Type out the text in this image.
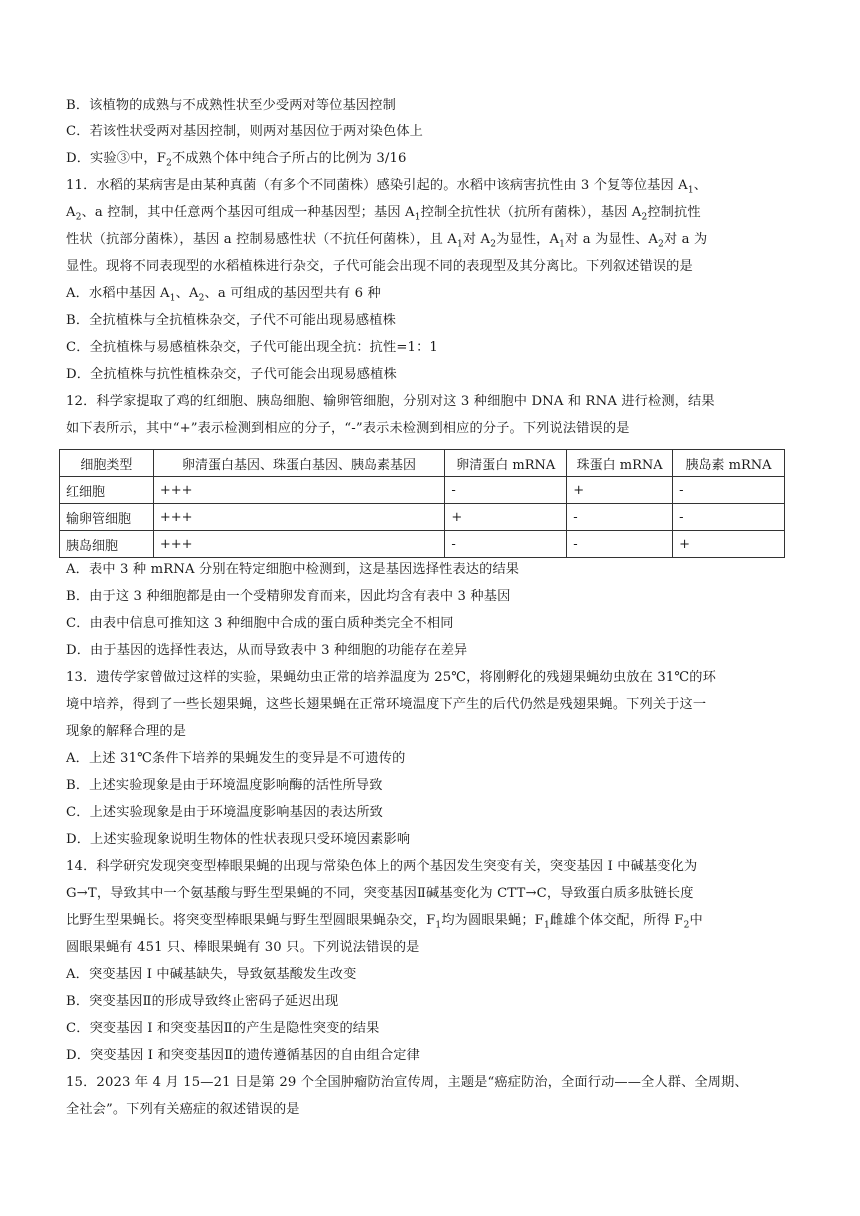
B．该植物的成熟与不成熟性状至少受两对等位基因控制
C．若该性状受两对基因控制，则两对基因位于两对染色体上
D．实验③中，$F_2$不成熟个体中纯合子所占的比例为 3/16
11．水稻的某病害是由某种真菌（有多个不同菌株）感染引起的。水稻中该病害抗性由 3 个复等位基因 $A_1$、
$A_2$、a 控制，其中任意两个基因可组成一种基因型；基因 $A_1$控制全抗性状（抗所有菌株），基因 $A_2$控制抗性
性状（抗部分菌株），基因 a 控制易感性状（不抗任何菌株），且 $A_1$对 $A_2$为显性，$A_1$对 a 为显性、$A_2$对 a 为
显性。现将不同表现型的水稻植株进行杂交，子代可能会出现不同的表现型及其分离比。下列叙述错误的是
A．水稻中基因 $A_1$、$A_2$、a 可组成的基因型共有 6 种
B．全抗植株与全抗植株杂交，子代不可能出现易感植株
C．全抗植株与易感植株杂交，子代可能出现全抗：抗性=1：1
D．全抗植株与抗性植株杂交，子代可能会出现易感植株
12．科学家提取了鸡的红细胞、胰岛细胞、输卵管细胞，分别对这 3 种细胞中 DNA 和 RNA 进行检测，结果
如下表所示，其中“+”表示检测到相应的分子，“-”表示未检测到相应的分子。下列说法错误的是
细胞类型	卵清蛋白基因、珠蛋白基因、胰岛素基因	卵清蛋白 mRNA	珠蛋白 mRNA	胰岛素 mRNA
红细胞	+++	-	+	-
输卵管细胞	+++	+	-	-
胰岛细胞	+++	-	-	+
A．表中 3 种 mRNA 分别在特定细胞中检测到，这是基因选择性表达的结果
B．由于这 3 种细胞都是由一个受精卵发育而来，因此均含有表中 3 种基因
C．由表中信息可推知这 3 种细胞中合成的蛋白质种类完全不相同
D．由于基因的选择性表达，从而导致表中 3 种细胞的功能存在差异
13．遗传学家曾做过这样的实验，果蝇幼虫正常的培养温度为 25℃，将刚孵化的残翅果蝇幼虫放在 31℃的环
境中培养，得到了一些长翅果蝇，这些长翅果蝇在正常环境温度下产生的后代仍然是残翅果蝇。下列关于这一
现象的解释合理的是
A．上述 31℃条件下培养的果蝇发生的变异是不可遗传的
B．上述实验现象是由于环境温度影响酶的活性所导致
C．上述实验现象是由于环境温度影响基因的表达所致
D．上述实验现象说明生物体的性状表现只受环境因素影响
14．科学研究发现突变型棒眼果蝇的出现与常染色体上的两个基因发生突变有关，突变基因 I 中碱基变化为
G→T，导致其中一个氨基酸与野生型果蝇的不同，突变基因Ⅱ碱基变化为 CTT→C，导致蛋白质多肽链长度
比野生型果蝇长。将突变型棒眼果蝇与野生型圆眼果蝇杂交，$F_1$均为圆眼果蝇；$F_1$雌雄个体交配，所得 $F_2$中
圆眼果蝇有 451 只、棒眼果蝇有 30 只。下列说法错误的是
A．突变基因 I 中碱基缺失，导致氨基酸发生改变
B．突变基因Ⅱ的形成导致终止密码子延迟出现
C．突变基因 I 和突变基因Ⅱ的产生是隐性突变的结果
D．突变基因 I 和突变基因Ⅱ的遗传遵循基因的自由组合定律
15．2023 年 4 月 15—21 日是第 29 个全国肿瘤防治宣传周，主题是“癌症防治，全面行动——全人群、全周期、
全社会”。下列有关癌症的叙述错误的是
